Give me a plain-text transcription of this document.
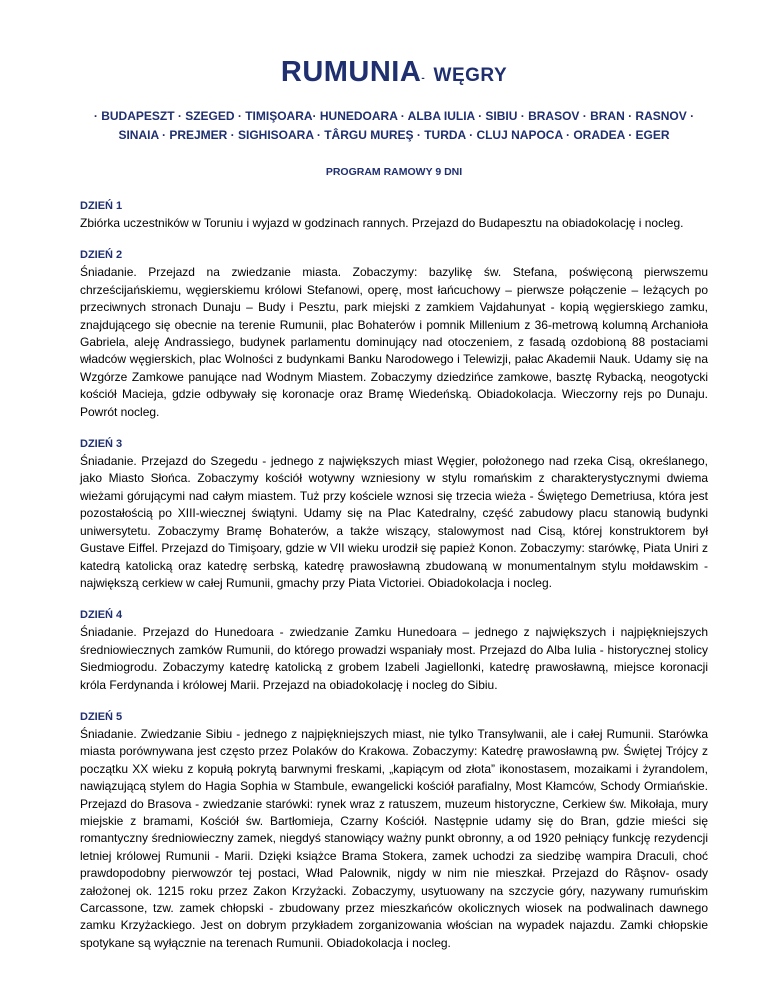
RUMUNIA- WĘGRY
· BUDAPESZT · SZEGED · TIMIŞOARA· HUNEDOARA · ALBA IULIA · SIBIU · BRASOV · BRAN · RASNOV ·
SINAIA · PREJMER · SIGHISOARA · TÂRGU MUREŞ · TURDA · CLUJ NAPOCA · ORADEA · EGER
PROGRAM RAMOWY 9 DNI

DZIEŃ 1

Zbiórka uczestników w Toruniu i wyjazd w godzinach rannych. Przejazd do Budapesztu na obiadokolację i nocleg.

DZIEŃ 2

Śniadanie. Przejazd na zwiedzanie miasta. Zobaczymy: bazylikę św. Stefana, poświęconą pierwszemu chrześcijańskiemu, węgierskiemu królowi Stefanowi, operę, most łańcuchowy – pierwsze połączenie – leżących po przeciwnych stronach Dunaju – Budy i Pesztu, park miejski z zamkiem Vajdahunyat - kopią węgierskiego zamku, znajdującego się obecnie na terenie Rumunii, plac Bohaterów i pomnik Millenium z 36-metrową kolumną Archanioła Gabriela, aleję Andrassiego, budynek parlamentu dominujący nad otoczeniem, z fasadą ozdobioną 88 postaciami władców węgierskich, plac Wolności z budynkami Banku Narodowego i Telewizji, pałac Akademii Nauk. Udamy się na Wzgórze Zamkowe panujące nad Wodnym Miastem. Zobaczymy dziedzińce zamkowe, basztę Rybacką, neogotycki kościół Macieja, gdzie odbywały się koronacje oraz Bramę Wiedeńską. Obiadokolacja. Wieczorny rejs po Dunaju. Powrót nocleg.

DZIEŃ 3

Śniadanie. Przejazd do Szegedu - jednego z największych miast Węgier, położonego nad rzeka Cisą, określanego, jako Miasto Słońca. Zobaczymy kościół wotywny wzniesiony w stylu romańskim z charakterystycznymi dwiema wieżami górującymi nad całym miastem. Tuż przy kościele wznosi się trzecia wieża - Świętego Demetriusa, która jest pozostałością po XIII-wiecznej świątyni. Udamy się na Plac Katedralny, część zabudowy placu stanowią budynki uniwersytetu. Zobaczymy Bramę Bohaterów, a także wiszący, stalowymost nad Cisą, której konstruktorem był Gustave Eiffel. Przejazd do Timişoary, gdzie w VII wieku urodził się papież Konon. Zobaczymy: starówkę, Piata Uniri z katedrą katolicką oraz katedrę serbską, katedrę prawosławną zbudowaną w monumentalnym stylu mołdawskim - największą cerkiew w całej Rumunii, gmachy przy Piata Victoriei. Obiadokolacja i nocleg.

DZIEŃ 4

Śniadanie. Przejazd do Hunedoara - zwiedzanie Zamku Hunedoara – jednego z największych i najpiękniejszych średniowiecznych zamków Rumunii, do którego prowadzi wspaniały most. Przejazd do Alba Iulia - historycznej stolicy Siedmiogrodu. Zobaczymy katedrę katolicką z grobem Izabeli Jagiellonki, katedrę prawosławną, miejsce koronacji króla Ferdynanda i królowej Marii. Przejazd na obiadokolację i nocleg do Sibiu.

DZIEŃ 5

Śniadanie. Zwiedzanie Sibiu - jednego z najpiękniejszych miast, nie tylko Transylwanii, ale i całej Rumunii. Starówka miasta porównywana jest często przez Polaków do Krakowa. Zobaczymy: Katedrę prawosławną pw. Świętej Trójcy z początku XX wieku z kopułą pokrytą barwnymi freskami, „kapiącym od złota” ikonostasem, mozaikami i żyrandolem, nawiązującą stylem do Hagia Sophia w Stambule, ewangelicki kościół parafialny, Most Kłamców, Schody Ormiańskie. Przejazd do Brasova - zwiedzanie starówki: rynek wraz z ratuszem, muzeum historyczne, Cerkiew św. Mikołaja, mury miejskie z bramami, Kościół św. Bartłomieja, Czarny Kościół. Następnie udamy się do Bran, gdzie mieści się romantyczny średniowieczny zamek, niegdyś stanowiący ważny punkt obronny, a od 1920 pełniący funkcję rezydencji letniej królowej Rumunii - Marii. Dzięki książce Brama Stokera, zamek uchodzi za siedzibę wampira Draculi, choć prawdopodobny pierwowzór tej postaci, Wład Palownik, nigdy w nim nie mieszkał. Przejazd do Râşnov- osady założonej ok. 1215 roku przez Zakon Krzyżacki. Zobaczymy, usytuowany na szczycie góry, nazywany rumuńskim Carcassone, tzw. zamek chłopski - zbudowany przez mieszkańców okolicznych wiosek na podwalinach dawnego zamku Krzyżackiego. Jest on dobrym przykładem zorganizowania włościan na wypadek najazdu. Zamki chłopskie spotykane są wyłącznie na terenach Rumunii. Obiadokolacja i nocleg.
